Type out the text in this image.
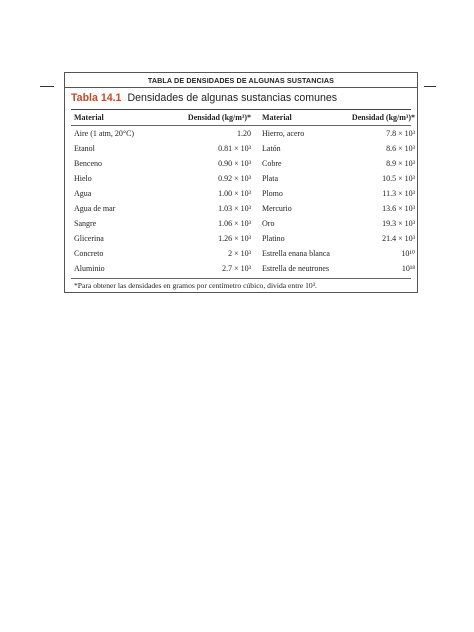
TABLA DE DENSIDADES DE ALGUNAS SUSTANCIAS
Tabla 14.1 Densidades de algunas sustancias comunes
Material	Densidad (kg/m³)* Material	Densidad (kg/m³)*
Aire (1 atm, 20°C)	1.20 Hierro, acero	7.8 × 10³
Etanol	0.81 × 10³ Latón	8.6 × 10³
Benceno	0.90 × 10³ Cobre	8.9 × 10³
Hielo	0.92 × 10³ Plata	10.5 × 10³
Agua	1.00 × 10³ Plomo	11.3 × 10³
Agua de mar	1.03 × 10³ Mercurio	13.6 × 10³
Sangre	1.06 × 10³ Oro	19.3 × 10³
Glicerina	1.26 × 10³ Platino	21.4 × 10³
Concreto	2 × 10³ Estrella enana blanca	10¹⁰
Aluminio	2.7 × 10³ Estrella de neutrones	10¹⁸
*Para obtener las densidades en gramos por centímetro cúbico, divida entre 10³.
